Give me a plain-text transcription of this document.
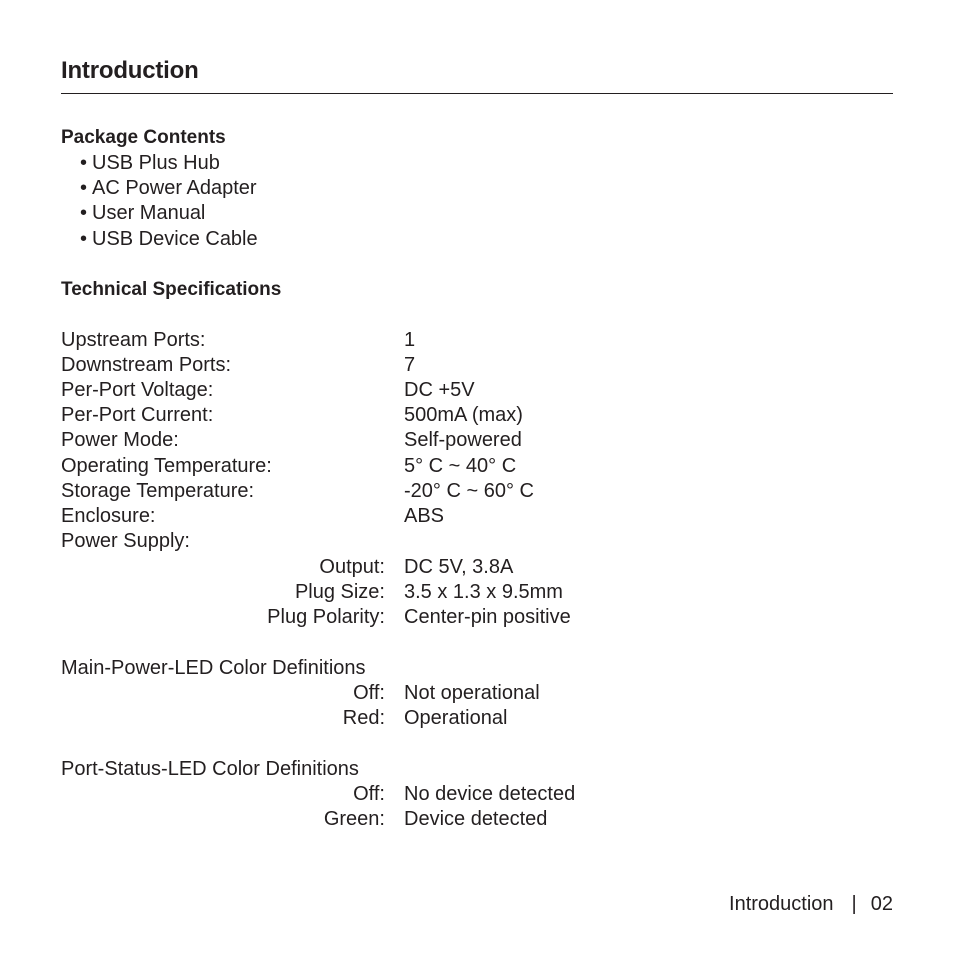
Introduction
Package Contents
• USB Plus Hub
• AC Power Adapter
• User Manual
• USB Device Cable
Technical Specifications
Upstream Ports:	1
Downstream Ports:	7
Per-Port Voltage:	DC +5V
Per-Port Current:	500mA (max)
Power Mode:	Self-powered
Operating Temperature:	5° C ~ 40° C
Storage Temperature:	-20° C ~ 60° C
Enclosure:	ABS
Power Supply:
Output: DC 5V, 3.8A
Plug Size: 3.5 x 1.3 x 9.5mm
Plug Polarity: Center-pin positive
Main-Power-LED Color Definitions
Off: Not operational
Red: Operational
Port-Status-LED Color Definitions
Off: No device detected
Green: Device detected
Introduction | 02
